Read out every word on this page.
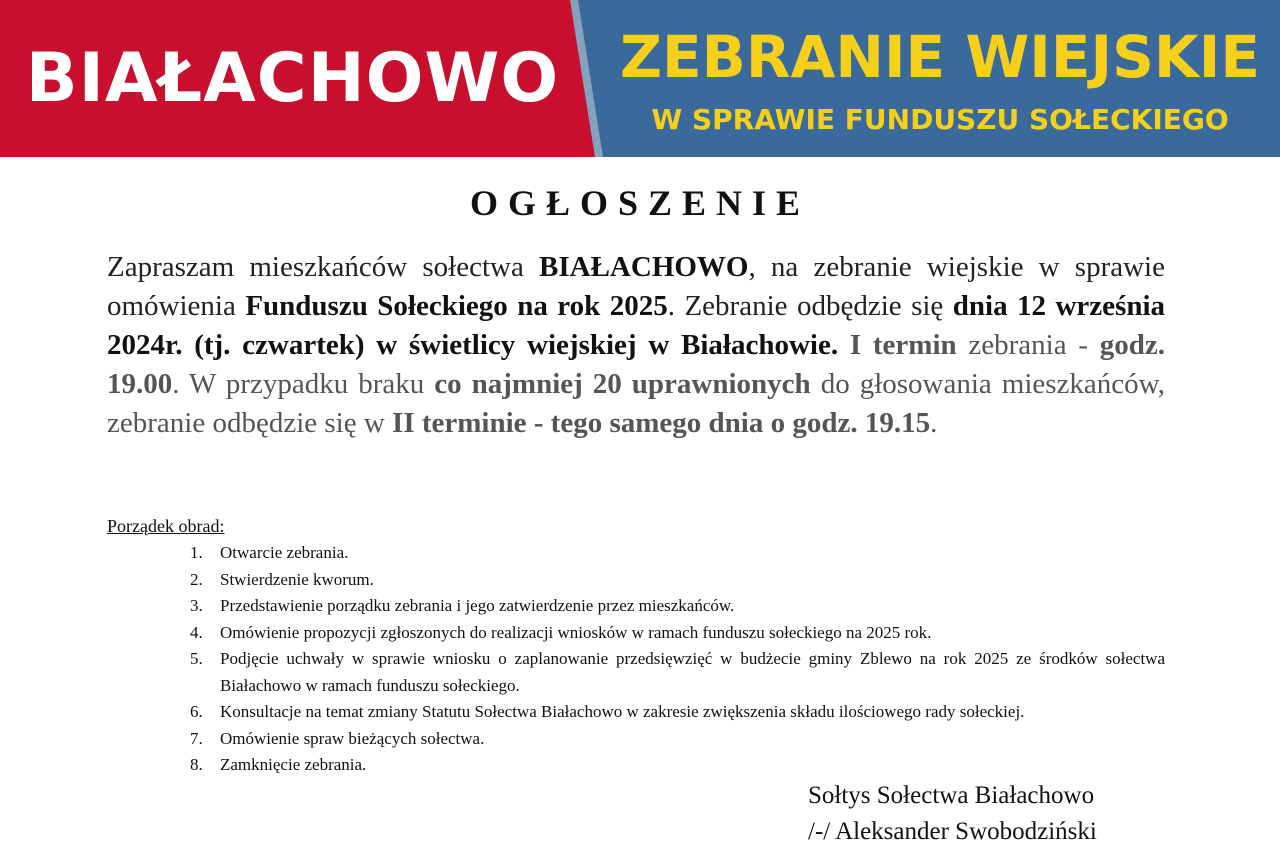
BIAŁACHOWO	ZEBRANIE WIEJSKIE
W SPRAWIE FUNDUSZU SOŁECKIEGO
OGŁOSZENIE
Zapraszam mieszkańców sołectwa BIAŁACHOWO, na zebranie wiejskie w sprawie omówienia Funduszu Sołeckiego na rok 2025. Zebranie odbędzie się dnia 12 września 2024r. (tj. czwartek) w świetlicy wiejskiej w Białachowie. I termin zebrania - godz. 19.00. W przypadku braku co najmniej 20 uprawnionych do głosowania mieszkańców, zebranie odbędzie się w II terminie - tego samego dnia o godz. 19.15.
Porządek obrad:
1.	Otwarcie zebrania.
2.	Stwierdzenie kworum.
3.	Przedstawienie porządku zebrania i jego zatwierdzenie przez mieszkańców.
4.	Omówienie propozycji zgłoszonych do realizacji wniosków w ramach funduszu sołeckiego na 2025 rok.
5.	Podjęcie uchwały w sprawie wniosku o zaplanowanie przedsięwzięć w budżecie gminy Zblewo na rok 2025 ze środków sołectwa Białachowo w ramach funduszu sołeckiego.
6.	Konsultacje na temat zmiany Statutu Sołectwa Białachowo w zakresie zwiększenia składu ilościowego rady sołeckiej.
7.	Omówienie spraw bieżących sołectwa.
8.	Zamknięcie zebrania.
Sołtys Sołectwa Białachowo
/-/ Aleksander Swobodziński
